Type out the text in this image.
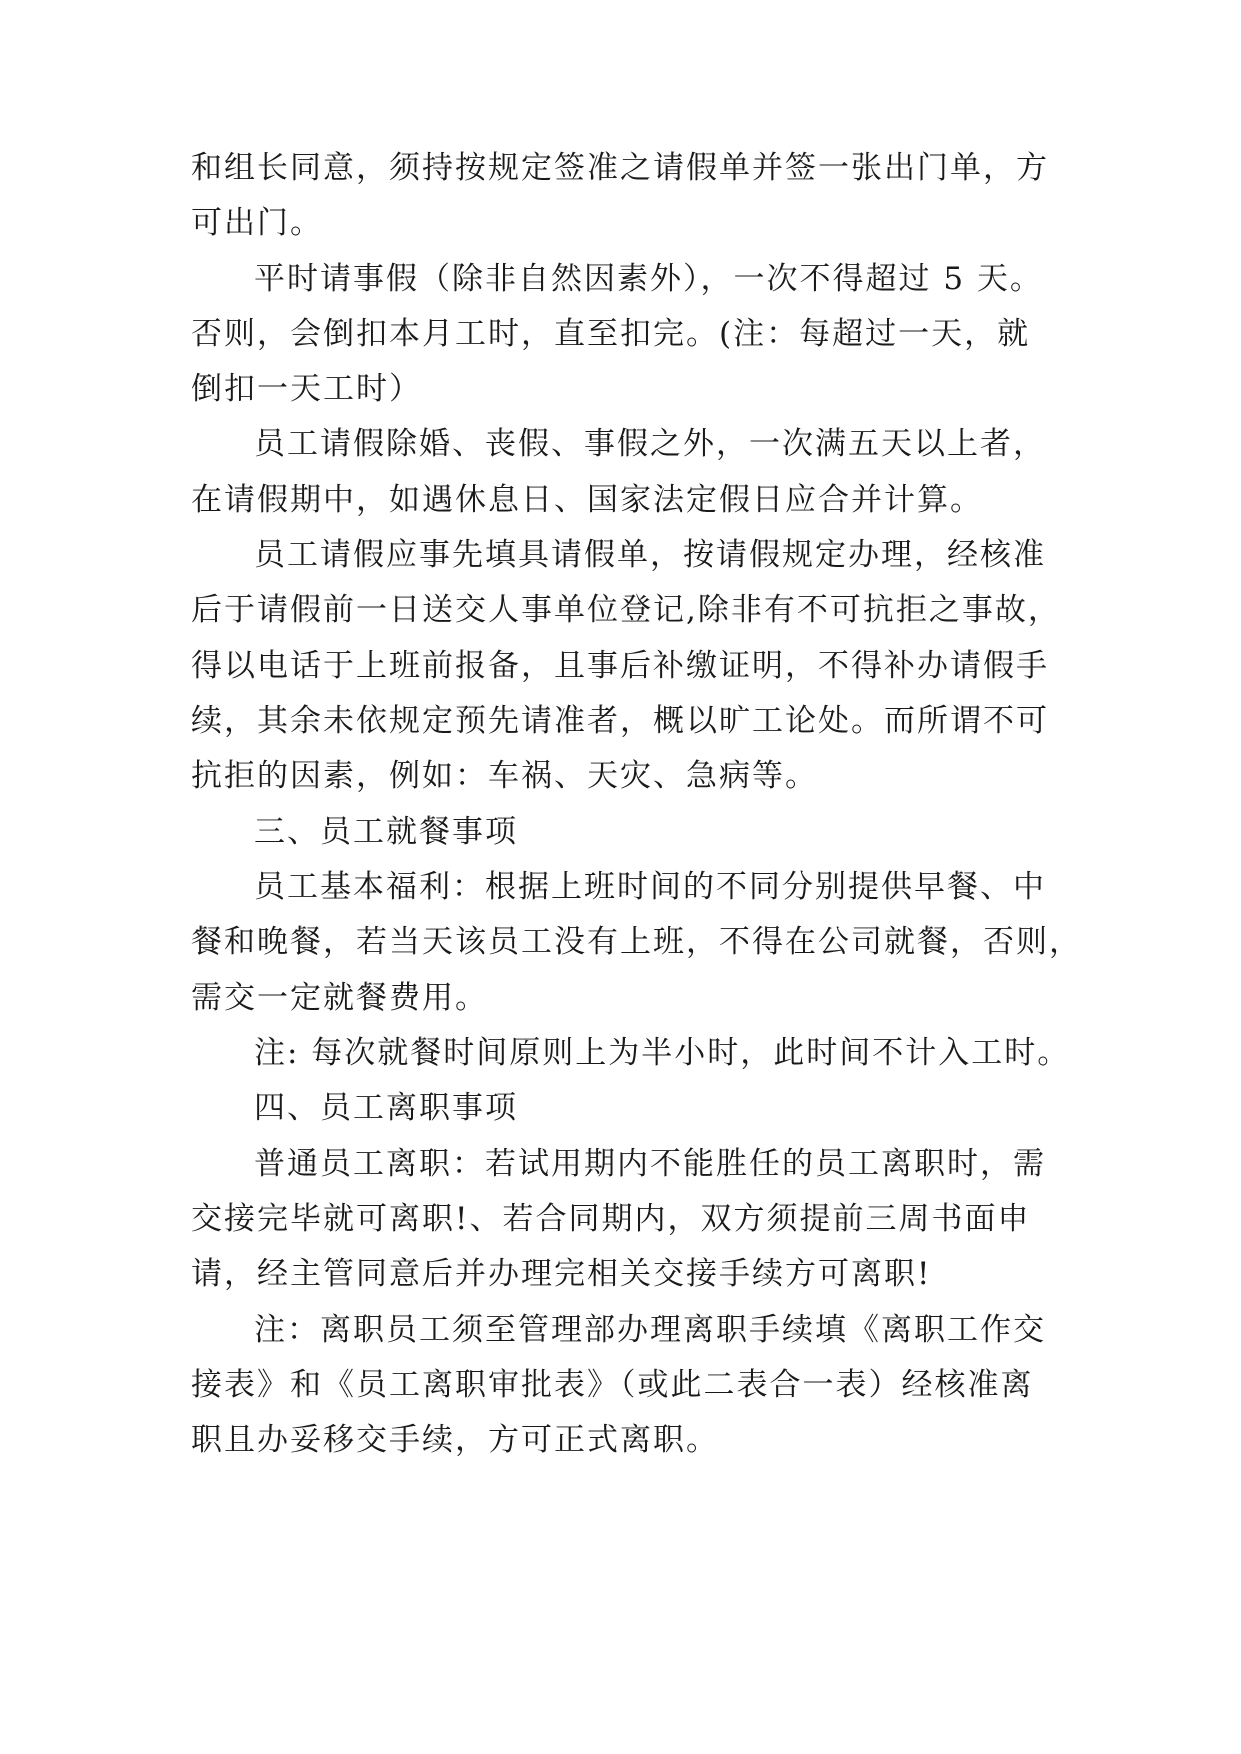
和组长同意，须持按规定签准之请假单并签一张出门单，方

可出门。

平时请事假（除非自然因素外），一次不得超过 5 天。

否则，会倒扣本月工时，直至扣完。(注：每超过一天，就

倒扣一天工时）

员工请假除婚、丧假、事假之外，一次满五天以上者，

在请假期中，如遇休息日、国家法定假日应合并计算。

员工请假应事先填具请假单，按请假规定办理，经核准

后于请假前一日送交人事单位登记,除非有不可抗拒之事故，

得以电话于上班前报备，且事后补缴证明，不得补办请假手

续，其余未依规定预先请准者，概以旷工论处。而所谓不可

抗拒的因素，例如：车祸、天灾、急病等。

三、员工就餐事项

员工基本福利：根据上班时间的不同分别提供早餐、中

餐和晚餐，若当天该员工没有上班，不得在公司就餐，否则，

需交一定就餐费用。

注: 每次就餐时间原则上为半小时，此时间不计入工时。

四、员工离职事项

普通员工离职：若试用期内不能胜任的员工离职时，需

交接完毕就可离职!、若合同期内，双方须提前三周书面申

请，经主管同意后并办理完相关交接手续方可离职!

注：离职员工须至管理部办理离职手续填《离职工作交

接表》和《员工离职审批表》（或此二表合一表）经核准离

职且办妥移交手续，方可正式离职。
